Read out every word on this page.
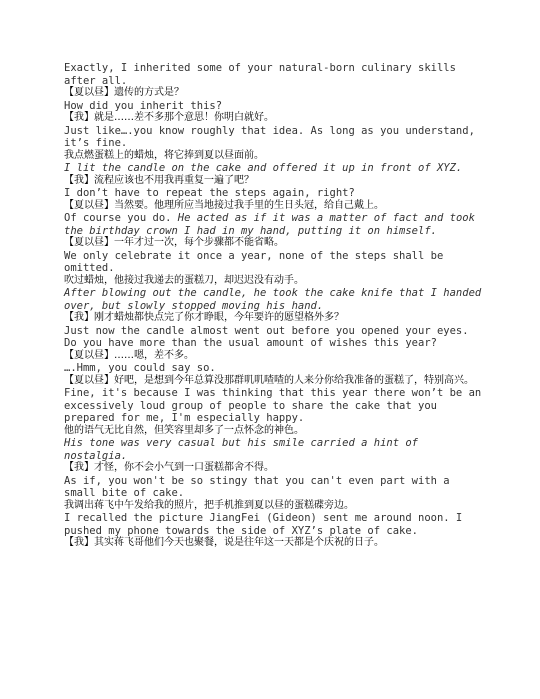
Exactly, I inherited some of your natural-born culinary skills after all.

【夏以昼】遗传的方式是？

How did you inherit this?

【我】就是……差不多那个意思！你明白就好。

Just like….you know roughly that idea. As long as you understand, it’s fine.

我点燃蛋糕上的蜡烛，将它捧到夏以昼面前。

I lit the candle on the cake and offered it up in front of XYZ.

【我】流程应该也不用我再重复一遍了吧？

I don’t have to repeat the steps again, right?

【夏以昼】当然要。他理所应当地接过我手里的生日头冠，给自己戴上。

Of course you do. He acted as if it was a matter of fact and took the birthday crown I had in my hand, putting it on himself.

【夏以昼】一年才过一次，每个步骤都不能省略。

We only celebrate it once a year, none of the steps shall be omitted.

吹过蜡烛，他接过我递去的蛋糕刀，却迟迟没有动手。

After blowing out the candle, he took the cake knife that I handed over, but slowly stopped moving his hand.

【我】刚才蜡烛都快点完了你才睁眼，今年要许的愿望格外多？

Just now the candle almost went out before you opened your eyes. Do you have more than the usual amount of wishes this year?

【夏以昼】……嗯，差不多。

….Hmm, you could say so.

【夏以昼】好吧，是想到今年总算没那群叽叽喳喳的人来分你给我准备的蛋糕了，特别高兴。

Fine, it's because I was thinking that this year there won’t be an excessively loud group of people to share the cake that you prepared for me, I'm especially happy.

他的语气无比自然，但笑容里却多了一点怀念的神色。

His tone was very casual but his smile carried a hint of nostalgia.

【我】才怪，你不会小气到一口蛋糕都舍不得。

As if, you won't be so stingy that you can't even part with a small bite of cake.

我调出蒋飞中午发给我的照片，把手机推到夏以昼的蛋糕碟旁边。

I recalled the picture JiangFei (Gideon) sent me around noon. I pushed my phone towards the side of XYZ’s plate of cake.

【我】其实蒋飞哥他们今天也聚餐，说是往年这一天都是个庆祝的日子。
